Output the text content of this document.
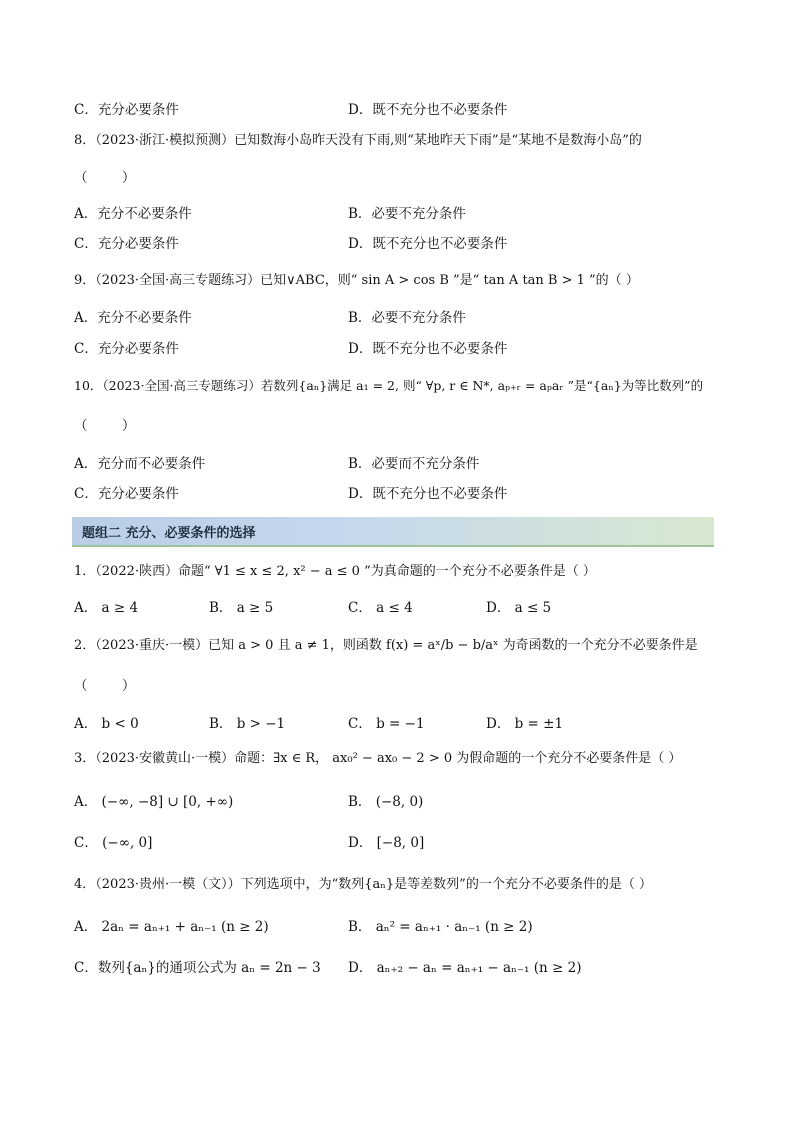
C．充分必要条件	D．既不充分也不必要条件
8．（2023·浙江·模拟预测）已知数海小岛昨天没有下雨,则“某地昨天下雨”是“某地不是数海小岛”的
（        ）
A．充分不必要条件	B．必要不充分条件
C．充分必要条件	D．既不充分也不必要条件
9．（2023·全国·高三专题练习）已知∨ABC，则“ sin A > cos B ”是“ tan A tan B > 1 ”的（ ）
A．充分不必要条件	B．必要不充分条件
C．充分必要条件	D．既不充分也不必要条件
10．（2023·全国·高三专题练习）若数列{aₙ}满足 a₁ = 2, 则“ ∀p, r ∈ N*, aₚ₊ᵣ = aₚaᵣ ”是“{aₙ}为等比数列”的
（        ）
A．充分而不必要条件	B．必要而不充分条件
C．充分必要条件	D．既不充分也不必要条件
题组二 充分、必要条件的选择
1．（2022·陕西）命题“ ∀1 ≤ x ≤ 2, x² − a ≤ 0 ”为真命题的一个充分不必要条件是（ ）
A． a ≥ 4	B． a ≥ 5	C． a ≤ 4	D． a ≤ 5
2．（2023·重庆·一模）已知 a > 0 且 a ≠ 1，则函数 f(x) = aˣ/b − b/aˣ 为奇函数的一个充分不必要条件是
（        ）
A． b < 0	B． b > −1	C． b = −1	D． b = ±1
3．（2023·安徽黄山·一模）命题：∃x ∈ R， ax₀² − ax₀ − 2 > 0 为假命题的一个充分不必要条件是（ ）
A． (−∞, −8] ∪ [0, +∞)	B． (−8, 0)
C． (−∞, 0]	D． [−8, 0]
4．（2023·贵州·一模（文））下列选项中，为“数列{aₙ}是等差数列”的一个充分不必要条件的是（ ）
A． 2aₙ = aₙ₊₁ + aₙ₋₁ (n ≥ 2)	B． aₙ² = aₙ₊₁ · aₙ₋₁ (n ≥ 2)
C．数列{aₙ}的通项公式为 aₙ = 2n − 3 D． aₙ₊₂ − aₙ = aₙ₊₁ − aₙ₋₁ (n ≥ 2)
